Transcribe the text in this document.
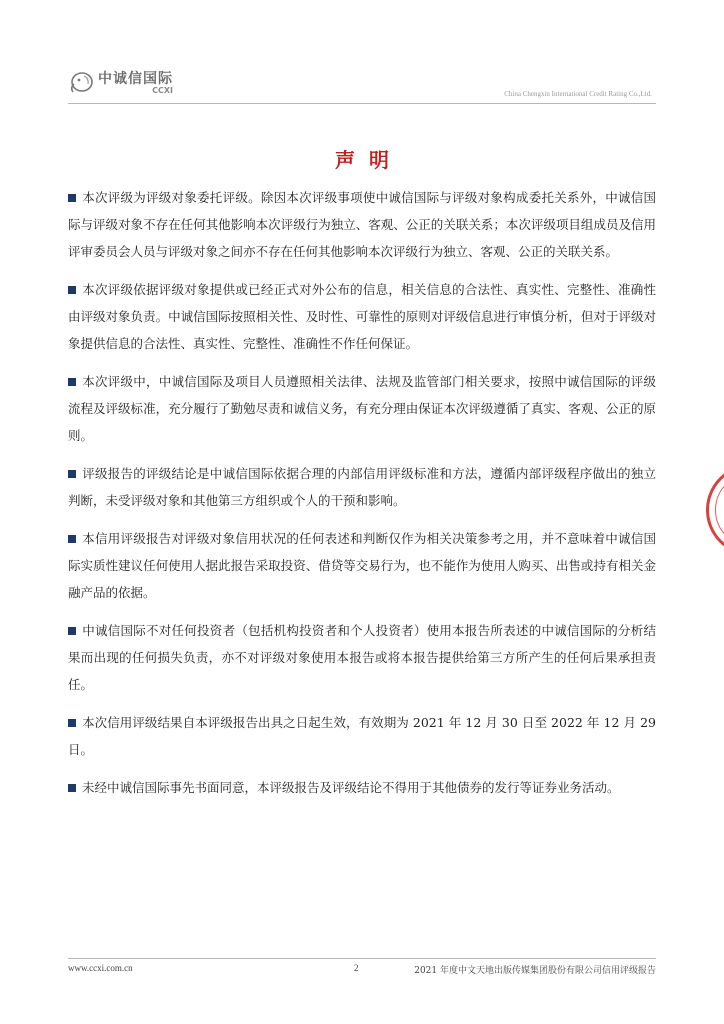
中诚信国际
CCXI	China Chengxin International Credit Rating Co.,Ltd.
声明

本次评级为评级对象委托评级。除因本次评级事项使中诚信国际与评级对象构成委托关系外，中诚信国际与评级对象不存在任何其他影响本次评级行为独立、客观、公正的关联关系；本次评级项目组成员及信用评审委员会人员与评级对象之间亦不存在任何其他影响本次评级行为独立、客观、公正的关联关系。

本次评级依据评级对象提供或已经正式对外公布的信息，相关信息的合法性、真实性、完整性、准确性由评级对象负责。中诚信国际按照相关性、及时性、可靠性的原则对评级信息进行审慎分析，但对于评级对象提供信息的合法性、真实性、完整性、准确性不作任何保证。

本次评级中，中诚信国际及项目人员遵照相关法律、法规及监管部门相关要求，按照中诚信国际的评级流程及评级标准，充分履行了勤勉尽责和诚信义务，有充分理由保证本次评级遵循了真实、客观、公正的原则。

评级报告的评级结论是中诚信国际依据合理的内部信用评级标准和方法，遵循内部评级程序做出的独立判断，未受评级对象和其他第三方组织或个人的干预和影响。

本信用评级报告对评级对象信用状况的任何表述和判断仅作为相关决策参考之用，并不意味着中诚信国际实质性建议任何使用人据此报告采取投资、借贷等交易行为，也不能作为使用人购买、出售或持有相关金融产品的依据。

中诚信国际不对任何投资者（包括机构投资者和个人投资者）使用本报告所表述的中诚信国际的分析结果而出现的任何损失负责，亦不对评级对象使用本报告或将本报告提供给第三方所产生的任何后果承担责任。

本次信用评级结果自本评级报告出具之日起生效，有效期为 2021 年 12 月 30 日至 2022 年 12 月 29 日。

未经中诚信国际事先书面同意，本评级报告及评级结论不得用于其他债券的发行等证券业务活动。

www.ccxi.com.cn	2	2021 年度中文天地出版传媒集团股份有限公司信用评级报告
